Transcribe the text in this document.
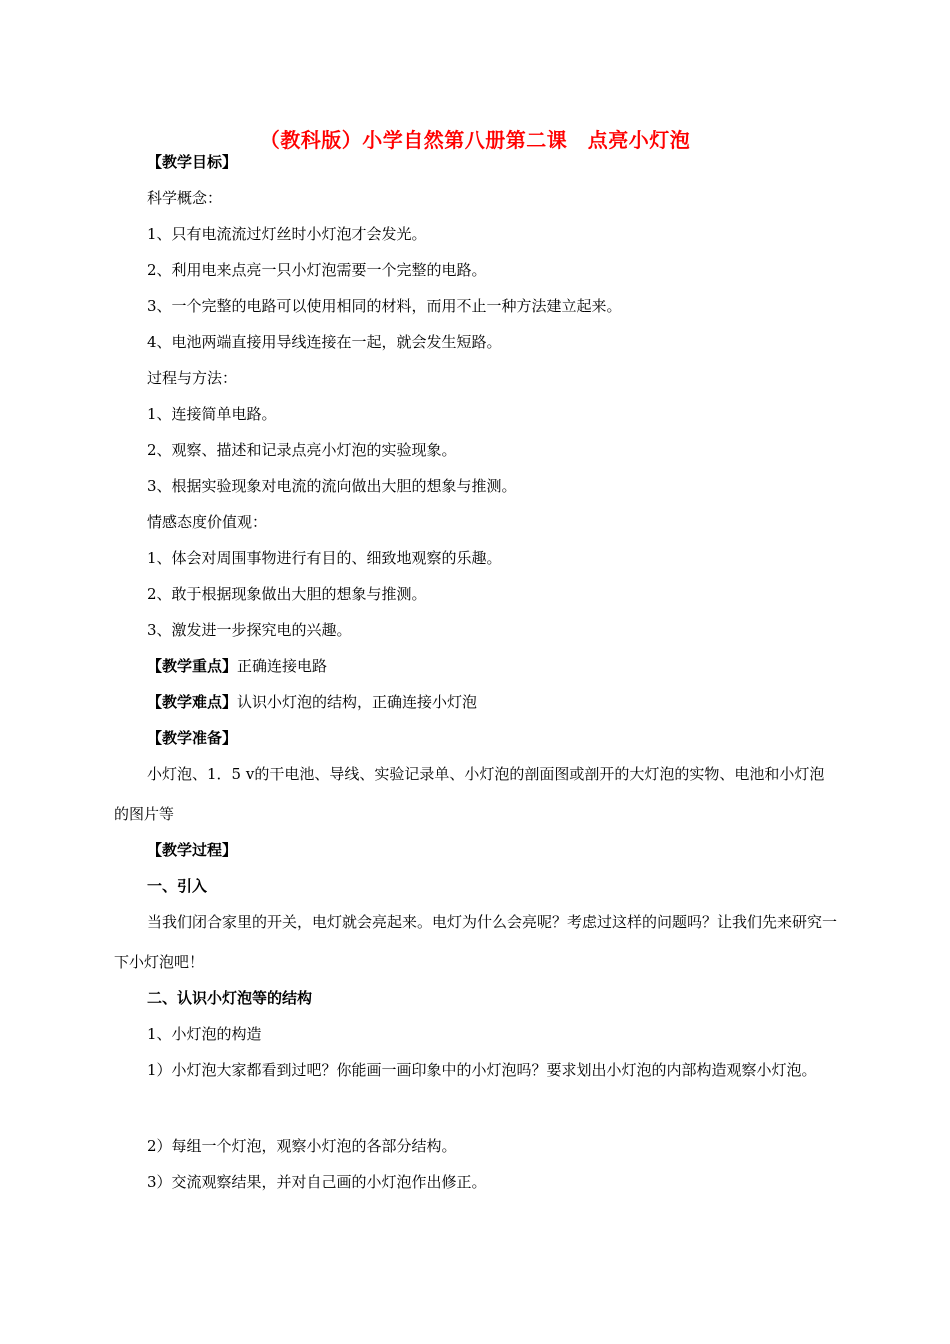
（教科版）小学自然第八册第二课　点亮小灯泡
【教学目标】
科学概念：
1、只有电流流过灯丝时小灯泡才会发光。
2、利用电来点亮一只小灯泡需要一个完整的电路。
3、一个完整的电路可以使用相同的材料，而用不止一种方法建立起来。
4、电池两端直接用导线连接在一起，就会发生短路。
过程与方法：
1、连接简单电路。
2、观察、描述和记录点亮小灯泡的实验现象。
3、根据实验现象对电流的流向做出大胆的想象与推测。
情感态度价值观：
1、体会对周围事物进行有目的、细致地观察的乐趣。
2、敢于根据现象做出大胆的想象与推测。
3、激发进一步探究电的兴趣。
【教学重点】正确连接电路
【教学难点】认识小灯泡的结构，正确连接小灯泡
【教学准备】
小灯泡、1．5 v的干电池、导线、实验记录单、小灯泡的剖面图或剖开的大灯泡的实物、电池和小灯泡的图片等
【教学过程】
一、引入
当我们闭合家里的开关，电灯就会亮起来。电灯为什么会亮呢？考虑过这样的问题吗？让我们先来研究一下小灯泡吧！
二、认识小灯泡等的结构
1、小灯泡的构造
1）小灯泡大家都看到过吧？你能画一画印象中的小灯泡吗？要求划出小灯泡的内部构造观察小灯泡。
2）每组一个灯泡，观察小灯泡的各部分结构。
3）交流观察结果，并对自己画的小灯泡作出修正。
